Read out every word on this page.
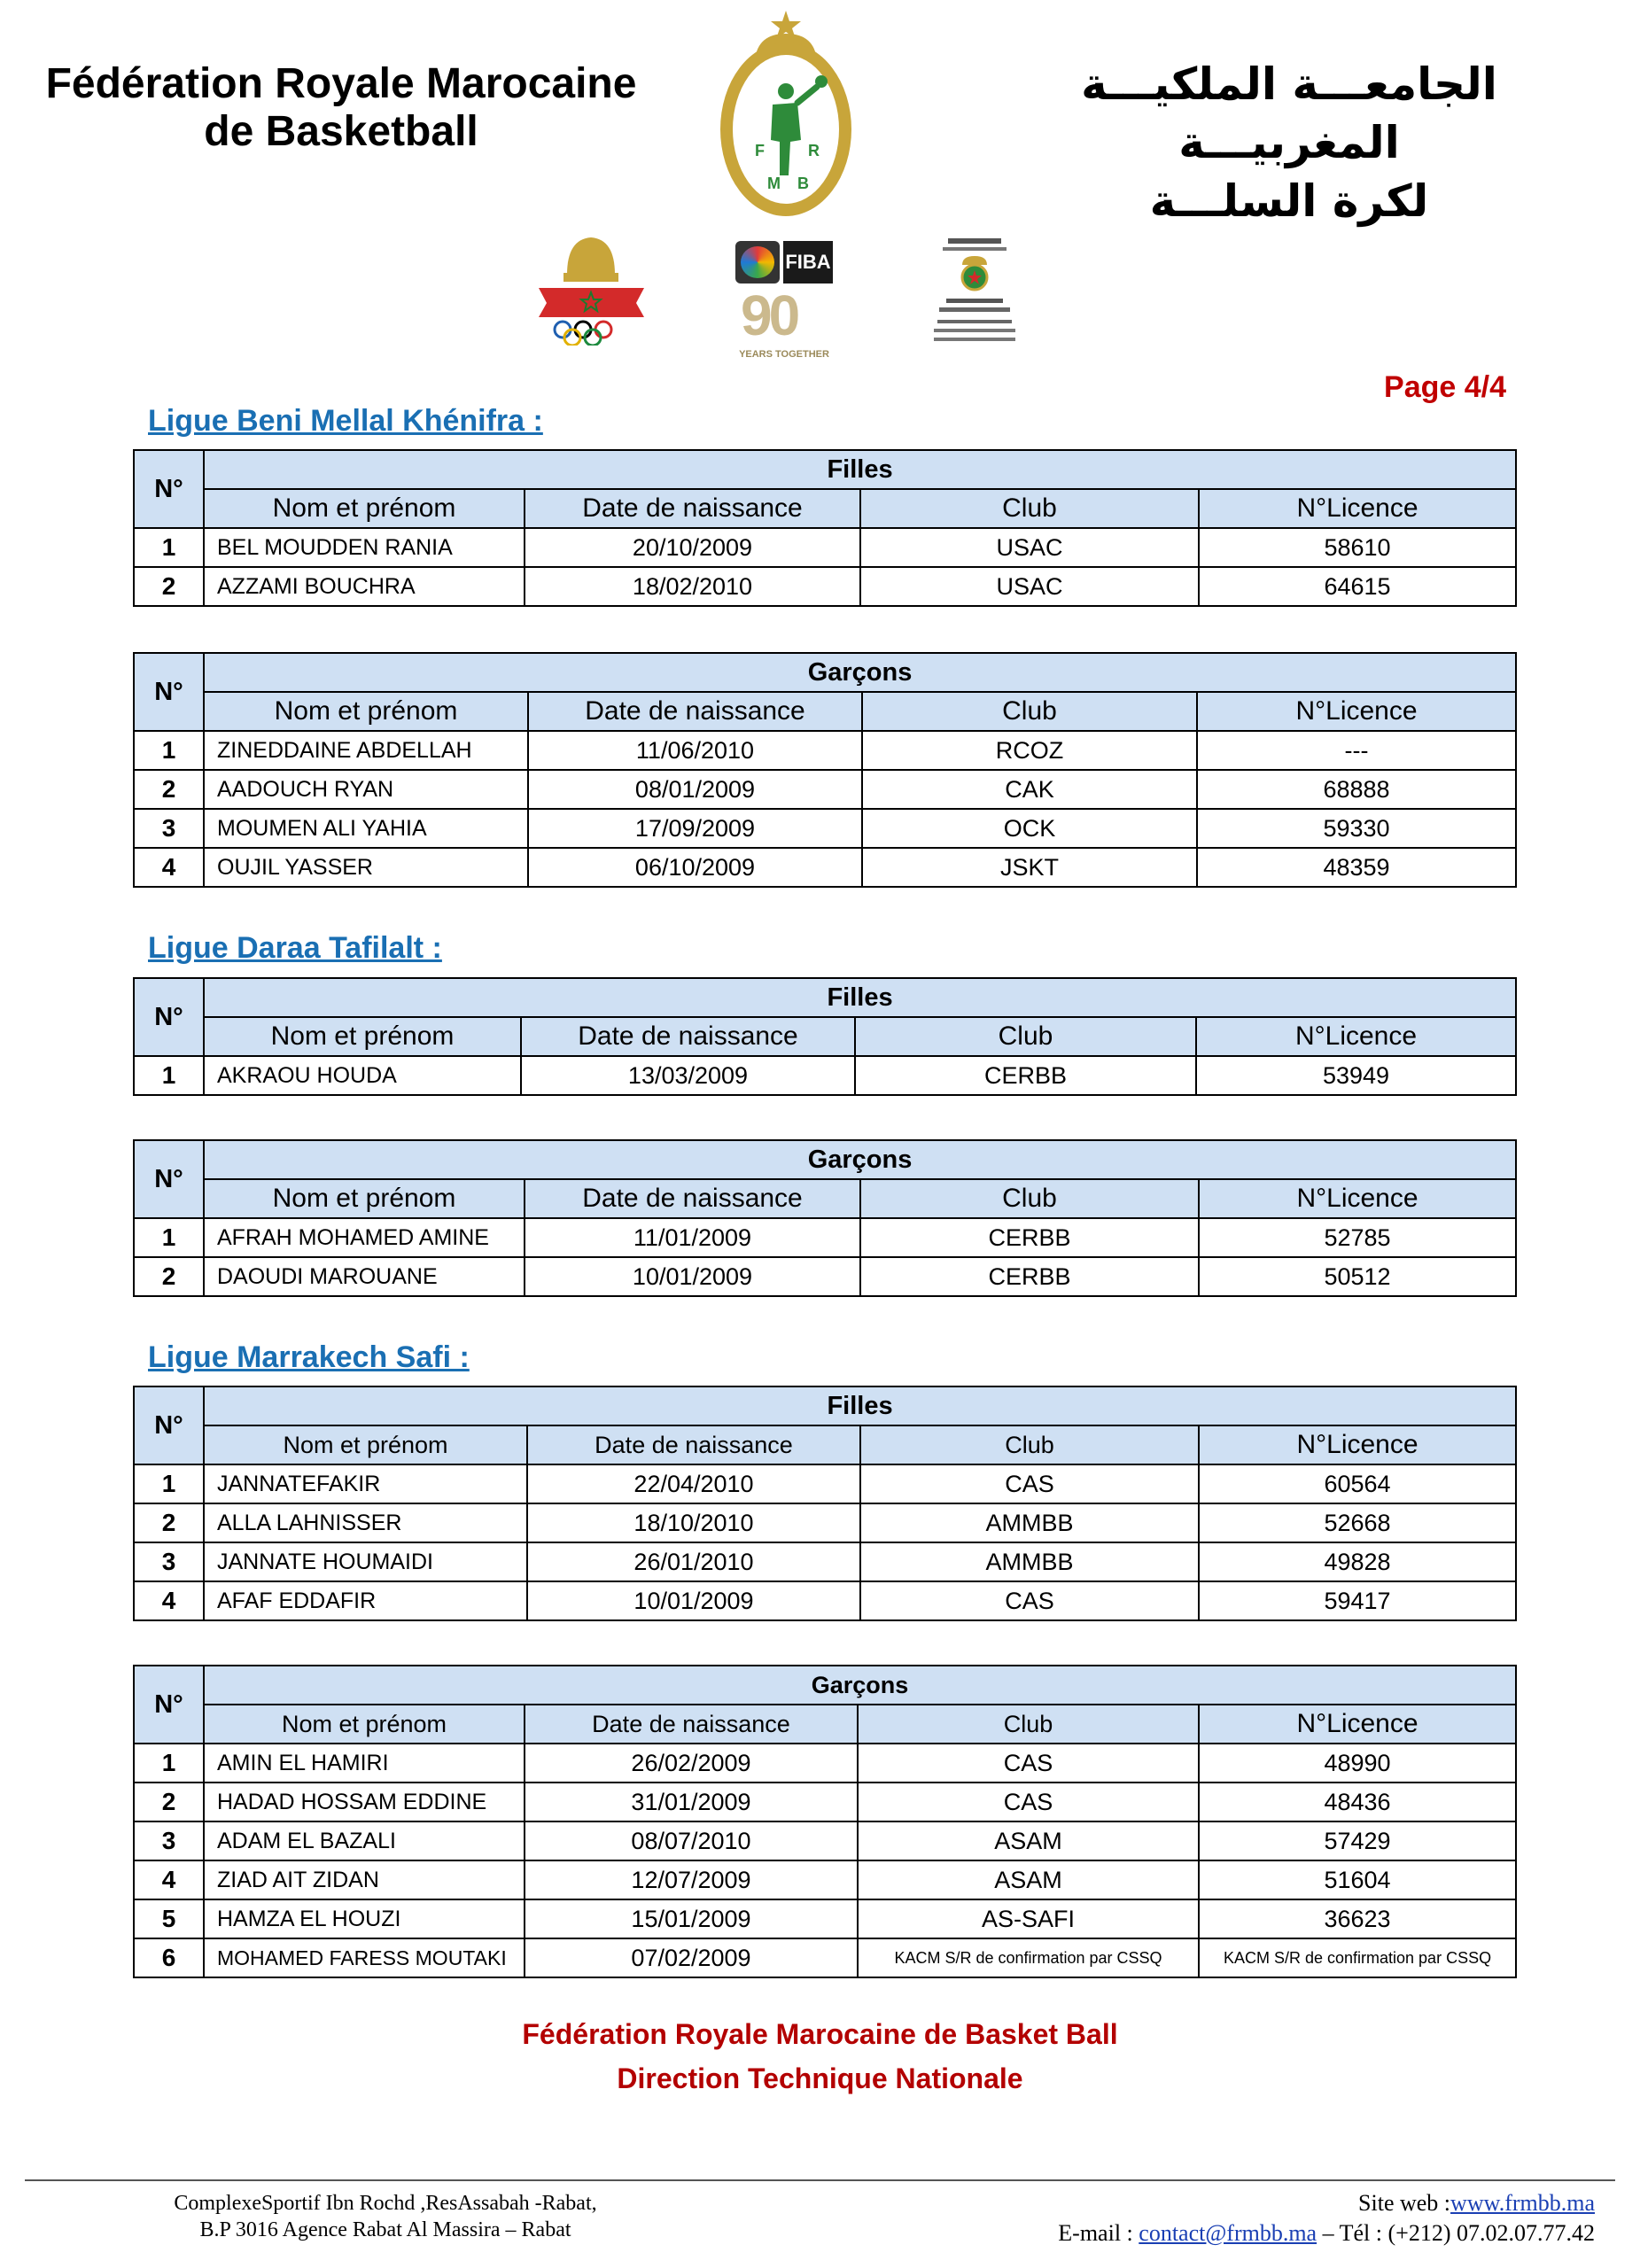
Fédération Royale Marocaine
de Basketball	F	R
M B
الجامعـــة الملكيـــة المغربيـــة
لكرة السلـــة
FIBA
90
YEARS TOGETHER
Page 4/4
Ligue Beni Mellal Khénifra :
N°	Filles			
	Nom et prénom	Date de naissance	Club	N°Licence
1	BEL MOUDDEN RANIA	20/10/2009	USAC	58610
2	AZZAMI BOUCHRA	18/02/2010	USAC	64615
N°	Garçons			
	Nom et prénom	Date de naissance	Club	N°Licence
1	ZINEDDAINE ABDELLAH	11/06/2010	RCOZ	---
2	AADOUCH RYAN	08/01/2009	CAK	68888
3	MOUMEN ALI YAHIA	17/09/2009	OCK	59330
4	OUJIL YASSER	06/10/2009	JSKT	48359
Ligue Daraa Tafilalt :
N°	Filles			
	Nom et prénom	Date de naissance	Club	N°Licence
1	AKRAOU HOUDA	13/03/2009	CERBB	53949
N°	Garçons			
	Nom et prénom	Date de naissance	Club	N°Licence
1	AFRAH MOHAMED AMINE	11/01/2009	CERBB	52785
2	DAOUDI MAROUANE	10/01/2009	CERBB	50512
Ligue Marrakech Safi :
N°	Filles			
	Nom et prénom	Date de naissance	Club	N°Licence
1	JANNATEFAKIR	22/04/2010	CAS	60564
2	ALLA LAHNISSER	18/10/2010	AMMBB	52668
3	JANNATE HOUMAIDI	26/01/2010	AMMBB	49828
4	AFAF EDDAFIR	10/01/2009	CAS	59417
N°	Garçons			
	Nom et prénom	Date de naissance	Club	N°Licence
1	AMIN EL HAMIRI	26/02/2009	CAS	48990
2	HADAD HOSSAM EDDINE	31/01/2009	CAS	48436
3	ADAM EL BAZALI	08/07/2010	ASAM	57429
4	ZIAD AIT ZIDAN	12/07/2009	ASAM	51604
5	HAMZA EL HOUZI	15/01/2009	AS-SAFI	36623
6	MOHAMED FARESS MOUTAKI	07/02/2009	KACM S/R de confirmation par CSSQ	KACM S/R de confirmation par CSSQ
Fédération Royale Marocaine de Basket Ball
Direction Technique Nationale
ComplexeSportif Ibn Rochd ,ResAssabah -Rabat,
B.P 3016 Agence Rabat Al Massira – Rabat
Site web :www.frmbb.ma
E-mail : contact@frmbb.ma – Tél : (+212) 07.02.07.77.42
